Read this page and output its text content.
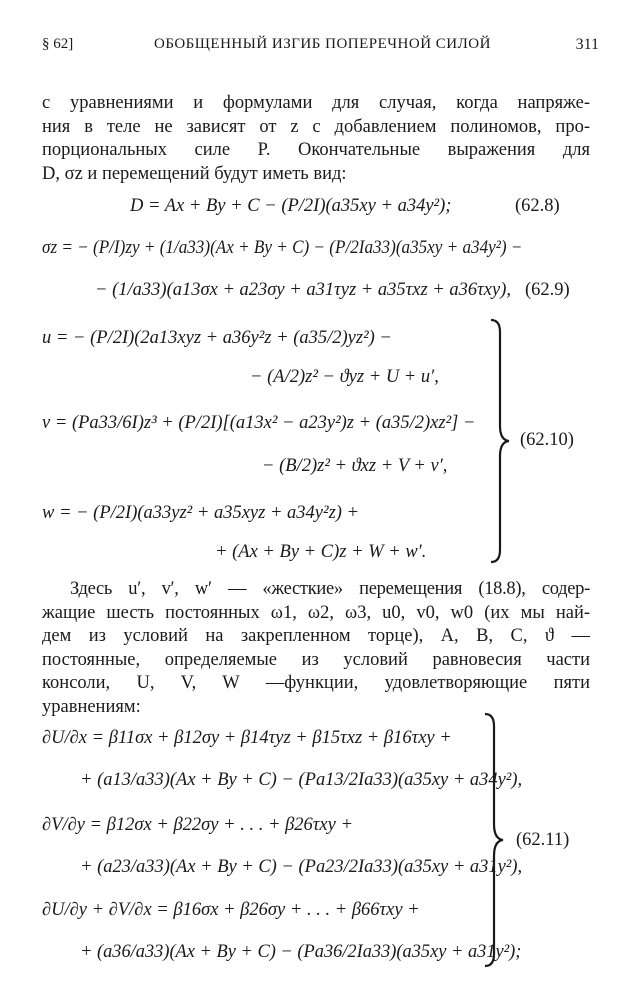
§ 62]	ОБОБЩЕННЫЙ ИЗГИБ ПОПЕРЕЧНОЙ СИЛОЙ	311
с уравнениями и формулами для случая, когда напряже-
ния в теле не зависят от z с добавлением полиномов, про-
порциональных силе P. Окончательные выражения для
D, σz и перемещений будут иметь вид:
D = Ax + By + C − (P/2I)(a35xy + a34y²);	(62.8)
σz = − (P/I)zy + (1/a33)(Ax + By + C) − (P/2Ia33)(a35xy + a34y²) −
− (1/a33)(a13σx + a23σy + a31τyz + a35τxz + a36τxy), (62.9)
u = − (P/2I)(2a13xyz + a36y²z + (a35/2)yz²) −
− (A/2)z² − ϑyz + U + u′,
v = (Pa33/6I)z³ + (P/2I)[(a13x² − a23y²)z + (a35/2)xz²] −
− (B/2)z² + ϑxz + V + v′,
w = − (P/2I)(a33yz² + a35xyz + a34y²z) +
+ (Ax + By + C)z + W + w′.
(62.10)
Здесь u′, v′, w′ — «жесткие» перемещения (18.8), содер-
жащие шесть постоянных ω1, ω2, ω3, u0, v0, w0 (их мы най-
дем из условий на закрепленном торце), A, B, C, ϑ —
постоянные, определяемые из условий равновесия части
консоли, U, V, W —функции, удовлетворяющие пяти
уравнениям:
∂U/∂x = β11σx + β12σy + β14τyz + β15τxz + β16τxy +
+ (a13/a33)(Ax + By + C) − (Pa13/2Ia33)(a35xy + a34y²),
∂V/∂y = β12σx + β22σy + . . . + β26τxy +
+ (a23/a33)(Ax + By + C) − (Pa23/2Ia33)(a35xy + a31y²),
∂U/∂y + ∂V/∂x = β16σx + β26σy + . . . + β66τxy +
+ (a36/a33)(Ax + By + C) − (Pa36/2Ia33)(a35xy + a31y²);
(62.11)
